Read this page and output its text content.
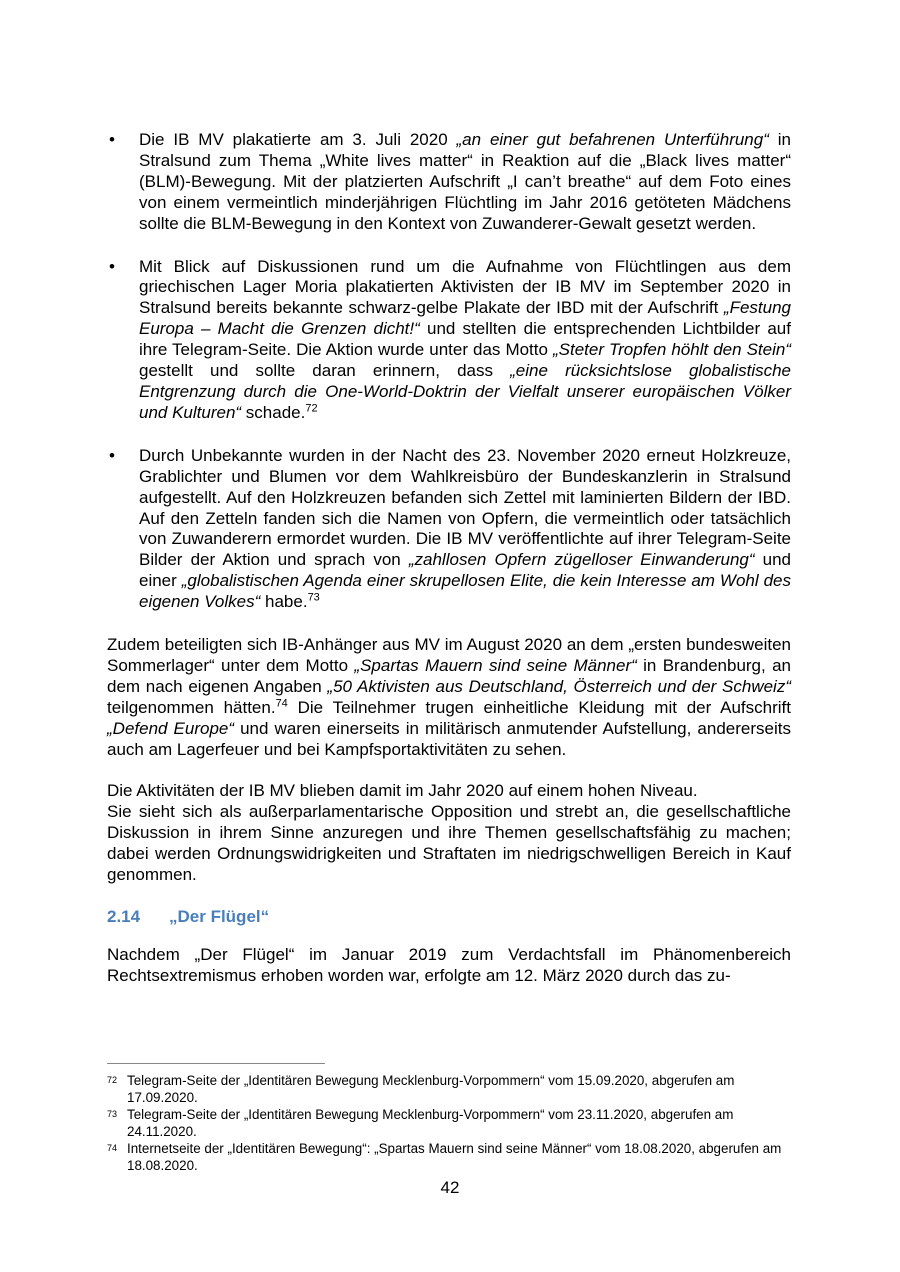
• Die IB MV plakatierte am 3. Juli 2020 „an einer gut befahrenen Unterführung“ in Stralsund zum Thema „White lives matter“ in Reaktion auf die „Black lives matter“ (BLM)-Bewegung. Mit der platzierten Aufschrift „I can’t breathe“ auf dem Foto eines von einem vermeintlich minderjährigen Flüchtling im Jahr 2016 getöteten Mädchens sollte die BLM-Bewegung in den Kontext von Zuwanderer-Gewalt gesetzt werden.
• Mit Blick auf Diskussionen rund um die Aufnahme von Flüchtlingen aus dem griechischen Lager Moria plakatierten Aktivisten der IB MV im September 2020 in Stralsund bereits bekannte schwarz-gelbe Plakate der IBD mit der Aufschrift „Festung Europa – Macht die Grenzen dicht!“ und stellten die entsprechenden Lichtbilder auf ihre Telegram-Seite. Die Aktion wurde unter das Motto „Steter Tropfen höhlt den Stein“ gestellt und sollte daran erinnern, dass „eine rücksichtslose globalistische Entgrenzung durch die One-World-Doktrin der Vielfalt unserer europäischen Völker und Kulturen“ schade.$^{72}$
• Durch Unbekannte wurden in der Nacht des 23. November 2020 erneut Holzkreuze, Grablichter und Blumen vor dem Wahlkreisbüro der Bundeskanzlerin in Stralsund aufgestellt. Auf den Holzkreuzen befanden sich Zettel mit laminierten Bildern der IBD. Auf den Zetteln fanden sich die Namen von Opfern, die vermeintlich oder tatsächlich von Zuwanderern ermordet wurden. Die IB MV veröffentlichte auf ihrer Telegram-Seite Bilder der Aktion und sprach von „zahllosen Opfern zügelloser Einwanderung“ und einer „globalistischen Agenda einer skrupellosen Elite, die kein Interesse am Wohl des eigenen Volkes“ habe.$^{73}$

Zudem beteiligten sich IB-Anhänger aus MV im August 2020 an dem „ersten bundesweiten Sommerlager“ unter dem Motto „Spartas Mauern sind seine Männer“ in Brandenburg, an dem nach eigenen Angaben „50 Aktivisten aus Deutschland, Österreich und der Schweiz“ teilgenommen hätten.$^{74}$ Die Teilnehmer trugen einheitliche Kleidung mit der Aufschrift „Defend Europe“ und waren einerseits in militärisch anmutender Aufstellung, andererseits auch am Lagerfeuer und bei Kampfsportaktivitäten zu sehen.

Die Aktivitäten der IB MV blieben damit im Jahr 2020 auf einem hohen Niveau.

Sie sieht sich als außerparlamentarische Opposition und strebt an, die gesellschaftliche Diskussion in ihrem Sinne anzuregen und ihre Themen gesellschaftsfähig zu machen; dabei werden Ordnungswidrigkeiten und Straftaten im niedrigschwelligen Bereich in Kauf genommen.

2.14 „Der Flügel“

Nachdem „Der Flügel“ im Januar 2019 zum Verdachtsfall im Phänomenbereich Rechtsextremismus erhoben worden war, erfolgte am 12. März 2020 durch das zu-

72 Telegram-Seite der „Identitären Bewegung Mecklenburg-Vorpommern“ vom 15.09.2020, abgerufen am 17.09.2020.
73 Telegram-Seite der „Identitären Bewegung Mecklenburg-Vorpommern“ vom 23.11.2020, abgerufen am 24.11.2020.
74 Internetseite der „Identitären Bewegung“: „Spartas Mauern sind seine Männer“ vom 18.08.2020, abgerufen am 18.08.2020.
42
